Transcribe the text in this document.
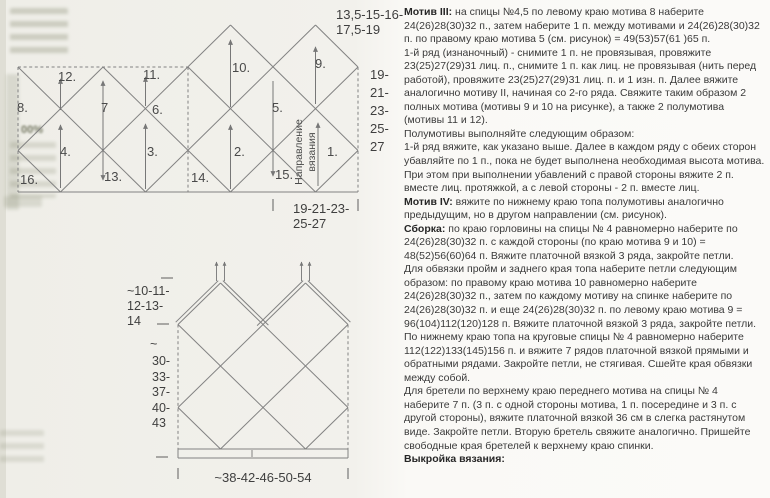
00%
12.	11.	10.	9.
8.	7	6.	5.
4.	3.	2.	1.
16.	13.	14.	15. Направление вязания
13,5-15-16-
17,5-19
19-
21-
23-
25-
27
19-21-23-
25-27
~10-11-
12-13-
14
~
30-
33-
37-
40-
43
~38-42-46-50-54

Мотив III: на спицы №4,5 по левому краю мотива 8 наберите 24(26)28(30)32 п., затем наберите 1 п. между мотивами и 24(26)28(30)32 п. по правому краю мотива 5 (см. рисунок) = 49(53)57(61 )65 п.

1-й ряд (изнаночный) - снимите 1 п. не провязывая, провяжите 23(25)27(29)31 лиц. п., снимите 1 п. как лиц. не провязывая (нить перед работой), провяжите 23(25)27(29)31 лиц. п. и 1 изн. п. Далее вяжите аналогично мотиву II, начиная со 2-го ряда. Свяжите таким образом 2 полных мотива (мотивы 9 и 10 на рисунке), а также 2 полумотива (мотивы 11 и 12).

Полумотивы выполняйте следующим образом:

1-й ряд вяжите, как указано выше. Далее в каждом ряду с обеих сторон убавляйте по 1 п., пока не будет выполнена необходимая высота мотива. При этом при выполнении убавлений с правой стороны вяжите 2 п. вместе лиц. протяжкой, а с левой стороны - 2 п. вместе лиц.

Мотив IV: вяжите по нижнему краю топа полумотивы аналогично предыдущим, но в другом направлении (см. рисунок).

Сборка: по краю горловины на спицы № 4 равномерно наберите по 24(26)28(30)32 п. с каждой стороны (по краю мотива 9 и 10) = 48(52)56(60)64 п. Вяжите платочной вязкой 3 ряда, закройте петли.

Для обвязки пройм и заднего края топа наберите петли следующим образом: по правому краю мотива 10 равномерно наберите 24(26)28(30)32 п., затем по каждому мотиву на спинке наберите по 24(26)28(30)32 п. и еще 24(26)28(30)32 п. по левому краю мотива 9 = 96(104)112(120)128 п. Вяжите платочной вязкой 3 ряда, закройте петли.

По нижнему краю топа на круговые спицы № 4 равномерно наберите 112(122)133(145)156 п. и вяжите 7 рядов платочной вязкой прямыми и обратными рядами. Закройте петли, не стягивая. Сшейте края обвязки между собой.

Для бретели по верхнему краю переднего мотива на спицы № 4 наберите 7 п. (3 п. с одной стороны мотива, 1 п. посередине и 3 п. с другой стороны), вяжите платочной вязкой 36 см в слегка растянутом виде. Закройте петли. Вторую бретель свяжите аналогично. Пришейте свободные края бретелей к верхнему краю спинки.

Выкройка вязания:
